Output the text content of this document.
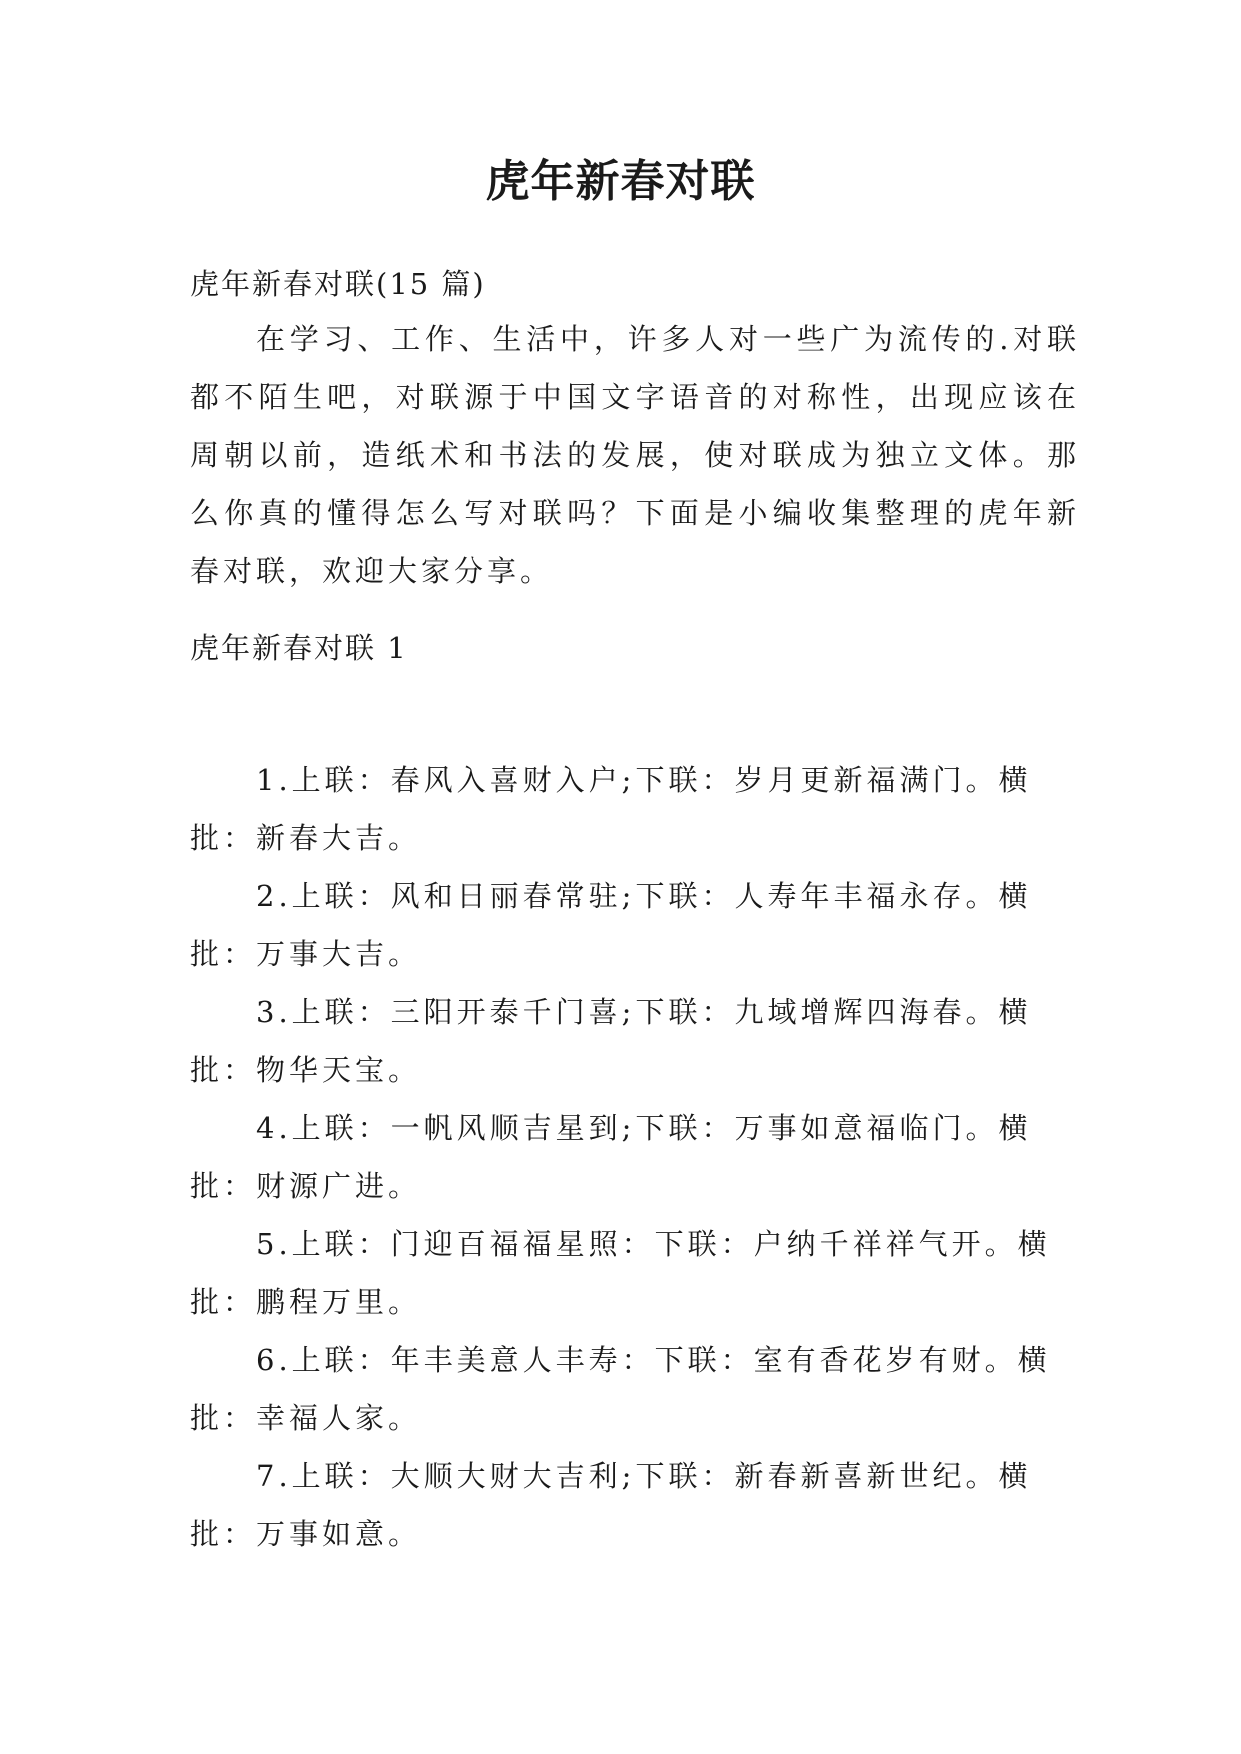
虎年新春对联
虎年新春对联(15 篇)

在学习、工作、生活中，许多人对一些广为流传的.对联都不陌生吧，对联源于中国文字语音的对称性，出现应该在周朝以前，造纸术和书法的发展，使对联成为独立文体。那么你真的懂得怎么写对联吗？下面是小编收集整理的虎年新春对联，欢迎大家分享。

虎年新春对联 1

1.上联：春风入喜财入户;下联：岁月更新福满门。横批：新春大吉。

2.上联：风和日丽春常驻;下联：人寿年丰福永存。横批：万事大吉。

3.上联：三阳开泰千门喜;下联：九域增辉四海春。横批：物华天宝。

4.上联：一帆风顺吉星到;下联：万事如意福临门。横批：财源广进。

5.上联：门迎百福福星照：下联：户纳千祥祥气开。横批：鹏程万里。

6.上联：年丰美意人丰寿：下联：室有香花岁有财。横批：幸福人家。

7.上联：大顺大财大吉利;下联：新春新喜新世纪。横批：万事如意。
